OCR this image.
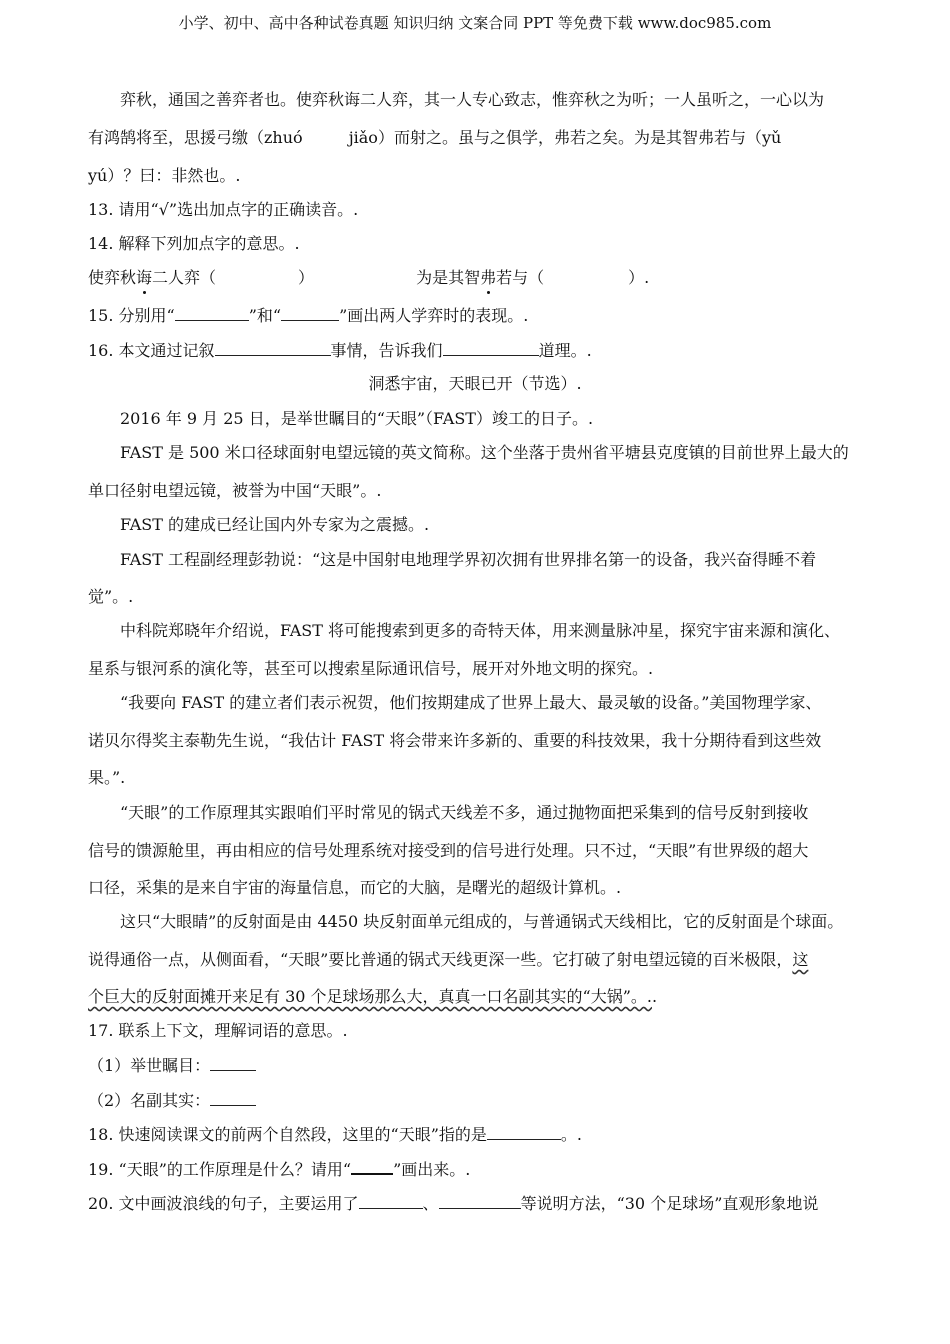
小学、初中、高中各种试卷真题 知识归纳 文案合同 PPT 等免费下载 www.doc985.com
弈秋，通国之善弈者也。使弈秋诲二人弈，其一人专心致志，惟弈秋之为听；一人虽听之，一心以为
有鸿鹄将至，思援弓缴（zhuó	jiǎo）而射之。虽与之俱学，弗若之矣。为是其智弗若与（yǔ
yú）？曰：非然也。.
13. 请用“√”选出加点字的正确读音。.
14. 解释下列加点字的意思。.
使弈秋诲二人弈（	）	为是其智弗若与（	）.
15. 分别用“	”和“	”画出两人学弈时的表现。.
16. 本文通过记叙	事情，告诉我们	道理。.
洞悉宇宙，天眼已开（节选）.
2016 年 9 月 25 日，是举世瞩目的“天眼”（FAST）竣工的日子。.
FAST 是 500 米口径球面射电望远镜的英文简称。这个坐落于贵州省平塘县克度镇的目前世界上最大的
单口径射电望远镜，被誉为中国“天眼”。.
FAST 的建成已经让国内外专家为之震撼。.
FAST 工程副经理彭勃说：“这是中国射电地理学界初次拥有世界排名第一的设备，我兴奋得睡不着
觉”。.
中科院郑晓年介绍说，FAST 将可能搜索到更多的奇特天体，用来测量脉冲星，探究宇宙来源和演化、
星系与银河系的演化等，甚至可以搜索星际通讯信号，展开对外地文明的探究。.
“我要向 FAST 的建立者们表示祝贺，他们按期建成了世界上最大、最灵敏的设备。”美国物理学家、
诺贝尔得奖主泰勒先生说，“我估计 FAST 将会带来许多新的、重要的科技效果，我十分期待看到这些效
果。”.
“天眼”的工作原理其实跟咱们平时常见的锅式天线差不多，通过抛物面把采集到的信号反射到接收
信号的馈源舱里，再由相应的信号处理系统对接受到的信号进行处理。只不过，“天眼”有世界级的超大
口径，采集的是来自宇宙的海量信息，而它的大脑，是曙光的超级计算机。.
这只“大眼睛”的反射面是由 4450 块反射面单元组成的，与普通锅式天线相比，它的反射面是个球面。
说得通俗一点，从侧面看，“天眼”要比普通的锅式天线更深一些。它打破了射电望远镜的百米极限，这
个巨大的反射面摊开来足有 30 个足球场那么大，真真一口名副其实的“大锅”。..
17. 联系上下文，理解词语的意思。.
（1）举世瞩目：
（2）名副其实：
18. 快速阅读课文的前两个自然段，这里的“天眼”指的是	。.
19. “天眼”的工作原理是什么？请用“	”画出来。.
20. 文中画波浪线的句子，主要运用了	、	等说明方法，“30 个足球场”直观形象地说
